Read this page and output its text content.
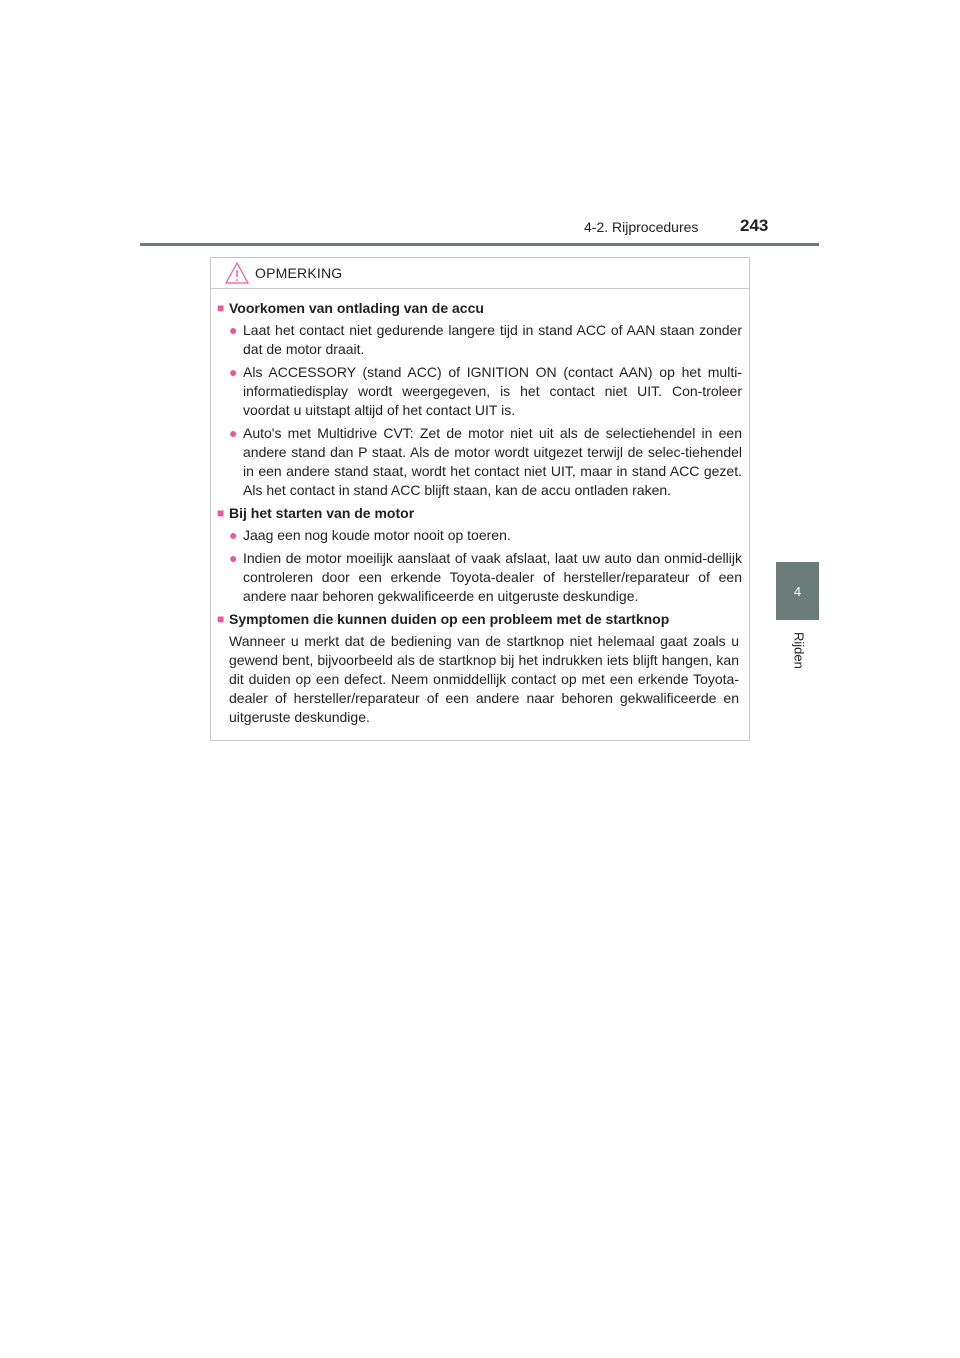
4-2. Rijprocedures 243
4
Rijden
OPMERKING
■ Voorkomen van ontlading van de accu
● Laat het contact niet gedurende langere tijd in stand ACC of AAN staan zonder dat de motor draait.
● Als ACCESSORY (stand ACC) of IGNITION ON (contact AAN) op het multi-informatiedisplay wordt weergegeven, is het contact niet UIT. Con-troleer voordat u uitstapt altijd of het contact UIT is.
● Auto's met Multidrive CVT: Zet de motor niet uit als de selectiehendel in een andere stand dan P staat. Als de motor wordt uitgezet terwijl de selec-tiehendel in een andere stand staat, wordt het contact niet UIT, maar in stand ACC gezet. Als het contact in stand ACC blijft staan, kan de accu ontladen raken.
■ Bij het starten van de motor
● Jaag een nog koude motor nooit op toeren.
● Indien de motor moeilijk aanslaat of vaak afslaat, laat uw auto dan onmid-dellijk controleren door een erkende Toyota-dealer of hersteller/reparateur of een andere naar behoren gekwalificeerde en uitgeruste deskundige.
■ Symptomen die kunnen duiden op een probleem met de startknop
Wanneer u merkt dat de bediening van de startknop niet helemaal gaat zoals u gewend bent, bijvoorbeeld als de startknop bij het indrukken iets blijft hangen, kan dit duiden op een defect. Neem onmiddellijk contact op met een erkende Toyota-dealer of hersteller/reparateur of een andere naar behoren gekwalificeerde en uitgeruste deskundige.
